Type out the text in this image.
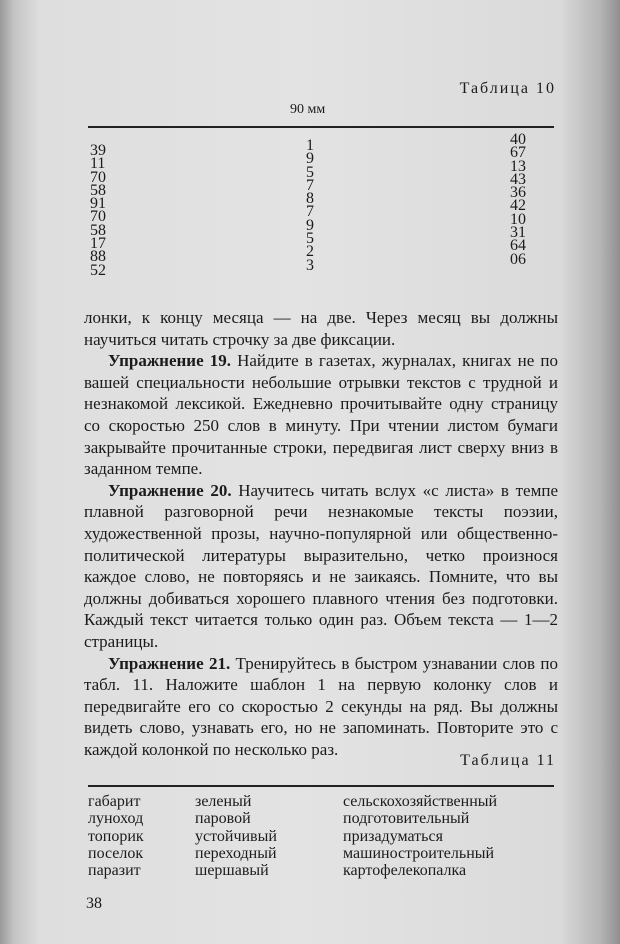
Таблица 10
90 мм
39
11
70
58
91
70
58
17
88
52
1
9
5
7
8
7
9
5
2
3
40
67
13
43
36
42
10
31
64
06

лонки, к концу месяца — на две. Через месяц вы должны научиться читать строчку за две фиксации.

Упражнение 19. Найдите в газетах, журналах, книгах не по вашей специальности небольшие отрывки текстов с трудной и незнакомой лексикой. Ежедневно прочитывайте одну страницу со скоростью 250 слов в минуту. При чтении листом бумаги закрывайте прочитанные строки, передвигая лист сверху вниз в заданном темпе.

Упражнение 20. Научитесь читать вслух «с листа» в темпе плавной разговорной речи незнакомые тексты поэзии, художественной прозы, научно-популярной или общественно-политической литературы выразительно, четко произнося каждое слово, не повторяясь и не заикаясь. Помните, что вы должны добиваться хорошего плавного чтения без подготовки. Каждый текст читается только один раз. Объем текста — 1—2 страницы.

Упражнение 21. Тренируйтесь в быстром узнавании слов по табл. 11. Наложите шаблон 1 на первую колонку слов и передвигайте его со скоростью 2 секунды на ряд. Вы должны видеть слово, узнавать его, но не запоминать. Повторите это с каждой колонкой по несколько раз.

Таблица 11
габарит
луноход
топорик
поселок
паразит
зеленый
паровой
устойчивый
переходный
шершавый
сельскохозяйственный
подготовительный
призадуматься
машиностроительный
картофелекопалка
38
